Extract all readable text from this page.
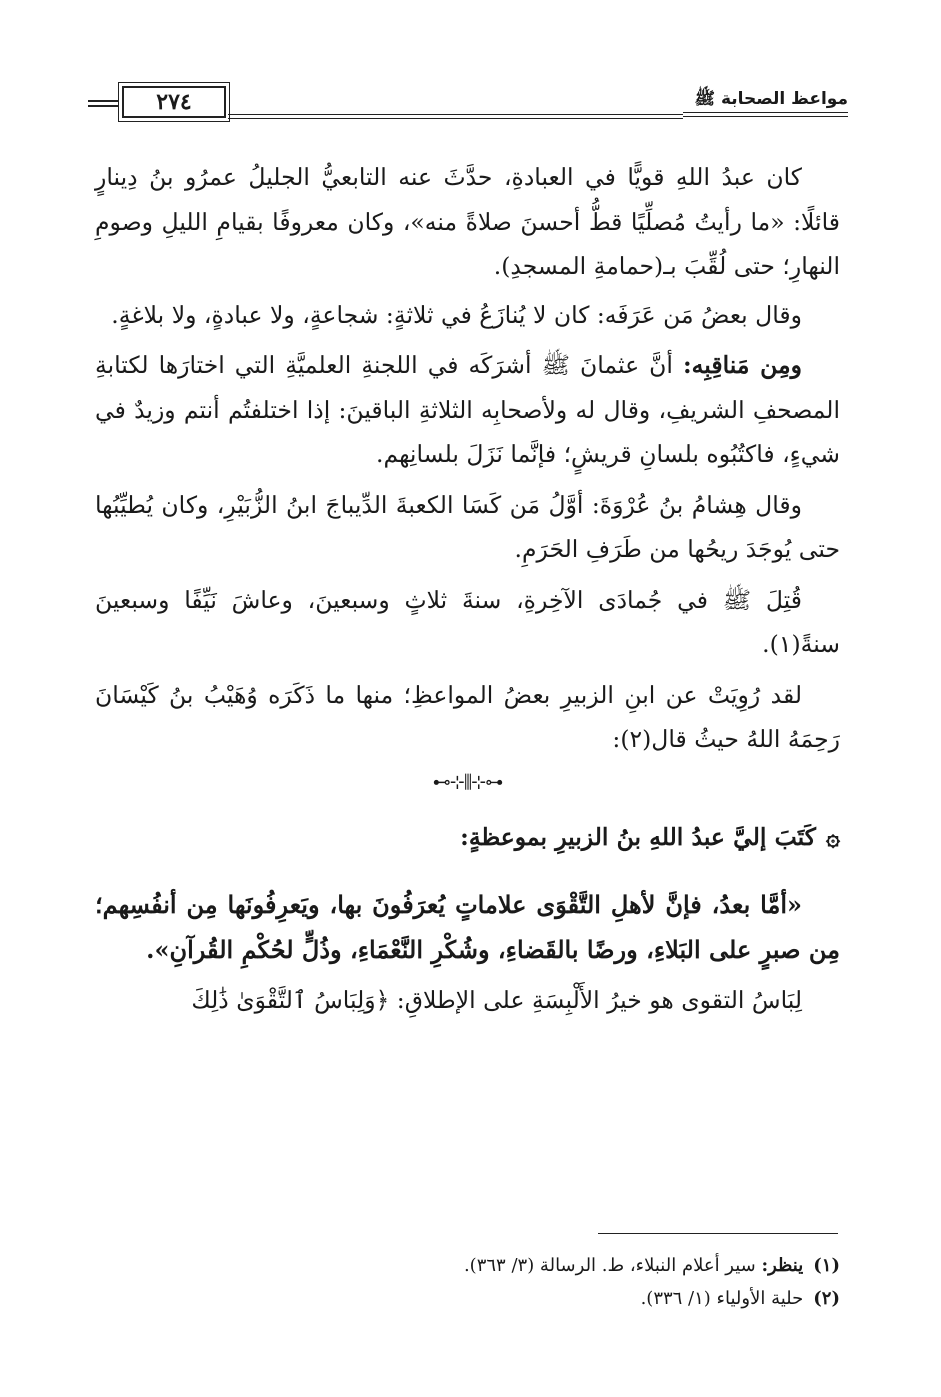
٢٧٤	مواعظ الصحابة ﷺ

كان عبدُ اللهِ قويًّا في العبادةِ، حدَّثَ عنه التابعيُّ الجليلُ عمرُو بنُ دِينارٍ قائلًا: «ما رأيتُ مُصلِّيًا قطُّ أحسنَ صلاةً منه»، وكان معروفًا بقيامِ الليلِ وصومِ النهارِ؛ حتى لُقِّبَ بـ(حمامةِ المسجدِ).

وقال بعضُ مَن عَرَفَه: كان لا يُنازَعُ في ثلاثةٍ: شجاعةٍ، ولا عبادةٍ، ولا بلاغةٍ.

ومِن مَناقِبِه: أنَّ عثمانَ ﷺ أشرَكَه في اللجنةِ العلميَّةِ التي اختارَها لكتابةِ المصحفِ الشريفِ، وقال له ولأصحابِه الثلاثةِ الباقينَ: إذا اختلفتُم أنتم وزيدٌ في شيءٍ، فاكتُبُوه بلسانِ قريشٍ؛ فإنَّما نَزَلَ بلسانِهم.

وقال هِشامُ بنُ عُرْوَةَ: أوَّلُ مَن كَسَا الكعبةَ الدِّيباجَ ابنُ الزُّبَيْرِ، وكان يُطيِّبُها حتى يُوجَدَ ريحُها من طَرَفِ الحَرَمِ.

قُتِلَ ﷺ في جُمادَى الآخِرةِ، سنةَ ثلاثٍ وسبعينَ، وعاشَ نَيِّفًا وسبعينَ سنةً(١).

لقد رُوِيَتْ عن ابنِ الزبيرِ بعضُ المواعظِ؛ منها ما ذَكَرَه وُهَيْبُ بنُ كَيْسَانَ رَحِمَهُ اللهُ حيثُ قال(٢):

⊷⊹⫼⊹⊶
۞
كَتَبَ إليَّ عبدُ اللهِ بنُ الزبيرِ بموعظةٍ:

«أمَّا بعدُ، فإنَّ لأهلِ التَّقْوَى علاماتٍ يُعرَفُونَ بها، ويَعرِفُونَها مِن أنفُسِهم؛ مِن صبرٍ على البَلاءِ، ورضًا بالقَضاءِ، وشُكْرِ النَّعْمَاءِ، وذُلٍّ لحُكْمِ القُرآنِ».

لِبَاسُ التقوى هو خيرُ الأَلْبِسَةِ على الإطلاقِ: ﴿وَلِبَاسُ ٱلتَّقْوَىٰ ذَٰلِكَ

(١)ينظر: سير أعلام النبلاء، ط. الرسالة (٣/ ٣٦٣).
(٢)حلية الأولياء (١/ ٣٣٦).
